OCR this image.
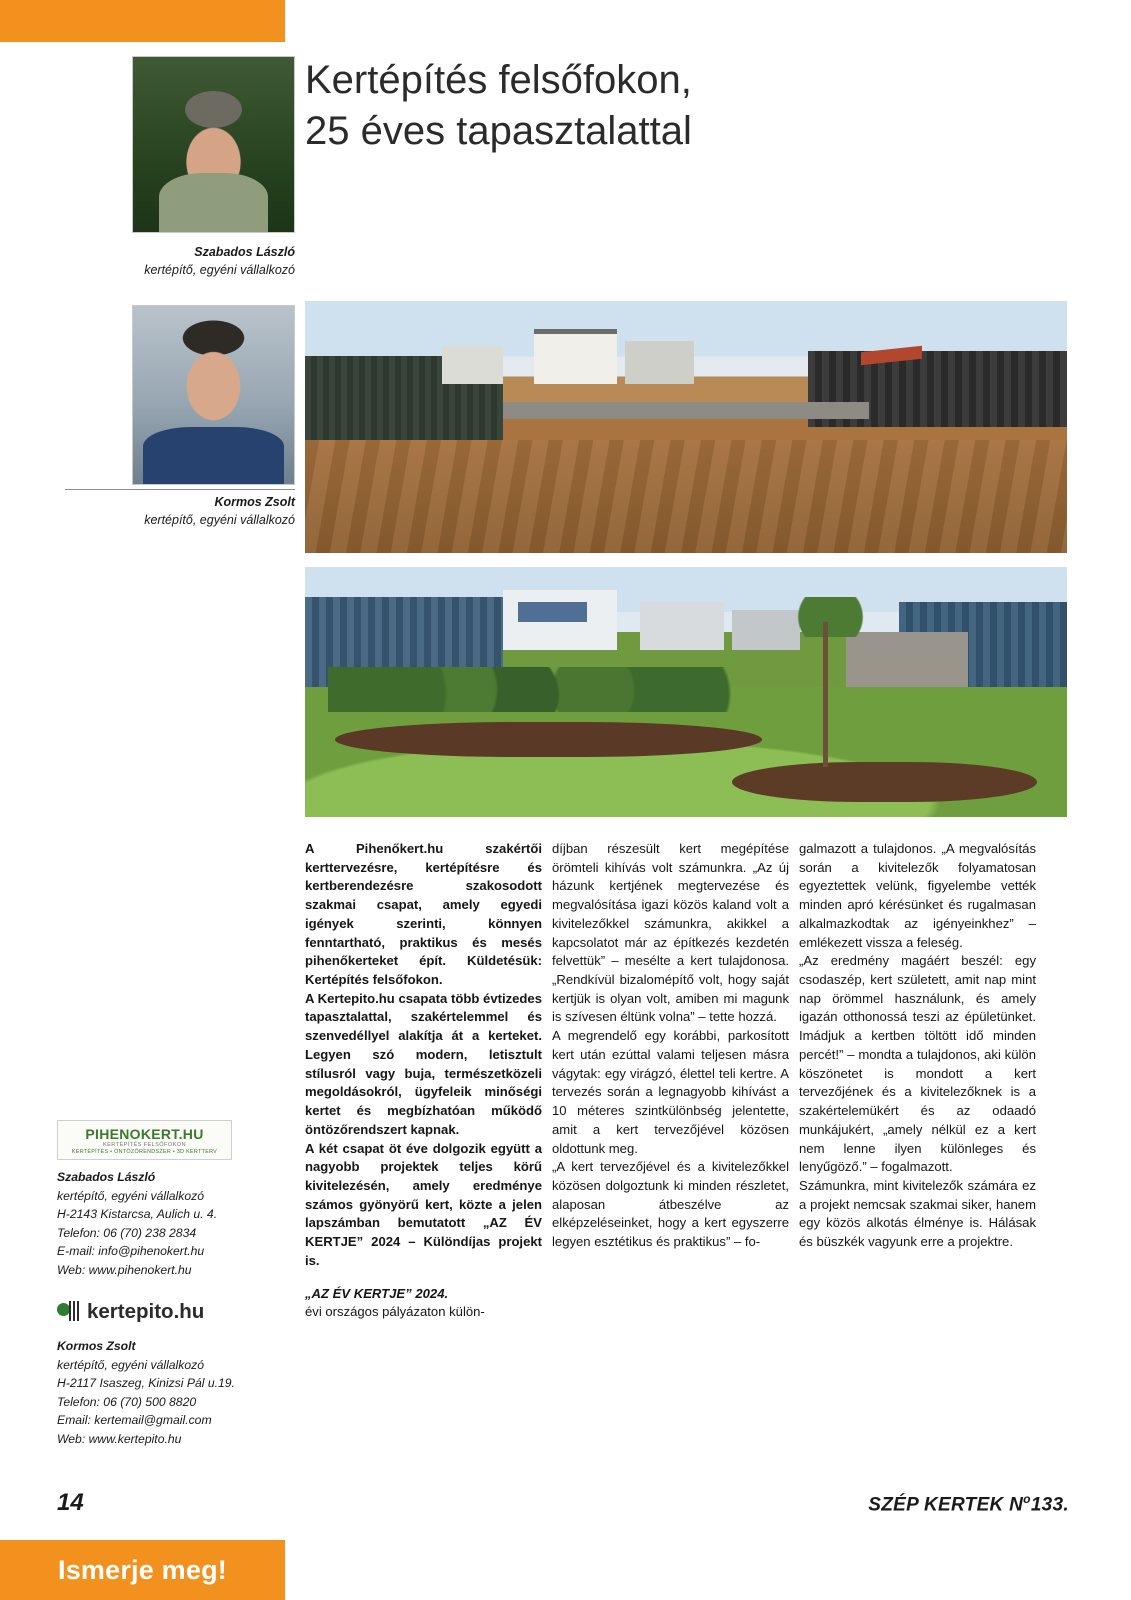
Kertépítés felsőfokon,
25 éves tapasztalattal
Szabados László
kertépítő, egyéni vállalkozó
Kormos Zsolt
kertépítő, egyéni vállalkozó

A Pihenőkert.hu szakértői kerttervezésre, kertépítésre és kertberendezésre szakosodott szakmai csapat, amely egyedi igények szerinti, könnyen fenntartható, praktikus és mesés pihenőkerteket épít. Küldetésük: Kertépítés felsőfokon.

A Kertepito.hu csapata több évtizedes tapasztalattal, szakértelemmel és szenvedéllyel alakítja át a kerteket. Legyen szó modern, letisztult stílusról vagy buja, természetközeli megoldásokról, ügyfeleik minőségi kertet és megbízhatóan működő öntözőrendszert kapnak.

A két csapat öt éve dolgozik együtt a nagyobb projektek teljes körű kivitelezésén, amely eredménye számos gyönyörű kert, közte a jelen lapszámban bemutatott „AZ ÉV KERTJE” 2024 – Különdíjas projekt is.

„AZ ÉV KERTJE” 2024.

évi országos pályázaton külön-

díjban részesült kert megépítése örömteli kihívás volt számunkra. „Az új házunk kertjének megtervezése és megvalósítása igazi közös kaland volt a kivitelezőkkel számunkra, akikkel a kapcsolatot már az építkezés kezdetén felvettük” – mesélte a kert tulajdonosa. „Rendkívül bizalomépítő volt, hogy saját kertjük is olyan volt, amiben mi magunk is szívesen éltünk volna” – tette hozzá.

A megrendelő egy korábbi, parkosított kert után ezúttal valami teljesen másra vágytak: egy virágzó, élettel teli kertre. A tervezés során a legnagyobb kihívást a 10 méteres szintkülönbség jelentette, amit a kert tervezőjével közösen oldottunk meg.

„A kert tervezőjével és a kivitelezőkkel közösen dolgoztunk ki minden részletet, alaposan átbeszélve az elképzeléseinket, hogy a kert egyszerre legyen esztétikus és praktikus” – fo-

galmazott a tulajdonos. „A megvalósítás során a kivitelezők folyamatosan egyeztettek velünk, figyelembe vették minden apró kérésünket és rugalmasan alkalmazkodtak az igényeinkhez” – emlékezett vissza a feleség.

„Az eredmény magáért beszél: egy csodaszép, kert született, amit nap mint nap örömmel használunk, és amely igazán otthonossá teszi az épületünket. Imádjuk a kertben töltött idő minden percét!” – mondta a tulajdonos, aki külön köszönetet is mondott a kert tervezőjének és a kivitelezőknek is a szakértelemükért és az odaadó munkájukért, „amely nélkül ez a kert nem lenne ilyen különleges és lenyűgöző.” – fogalmazott.

Számunkra, mint kivitelezők számára ez a projekt nemcsak szakmai siker, hanem egy közös alkotás élménye is. Hálásak és büszkék vagyunk erre a projektre.

PIHENOKERT.HU
KERTÉPÍTÉS FELSŐFOKON
KERTÉPÍTÉS • ÖNTÖZŐRENDSZER • 3D KERTTERV
Szabados László
kertépítő, egyéni vállalkozó
H-2143 Kistarcsa, Aulich u. 4.
Telefon: 06 (70) 238 2834
E-mail: info@pihenokert.hu
Web: www.pihenokert.hu
kertepito.hu
Kormos Zsolt
kertépítő, egyéni vállalkozó
H-2117 Isaszeg, Kinizsi Pál u.19.
Telefon: 06 (70) 500 8820
Email: kertemail@gmail.com
Web: www.kertepito.hu
14	SZÉP KERTEK $N^o133$.
Ismerje meg!
